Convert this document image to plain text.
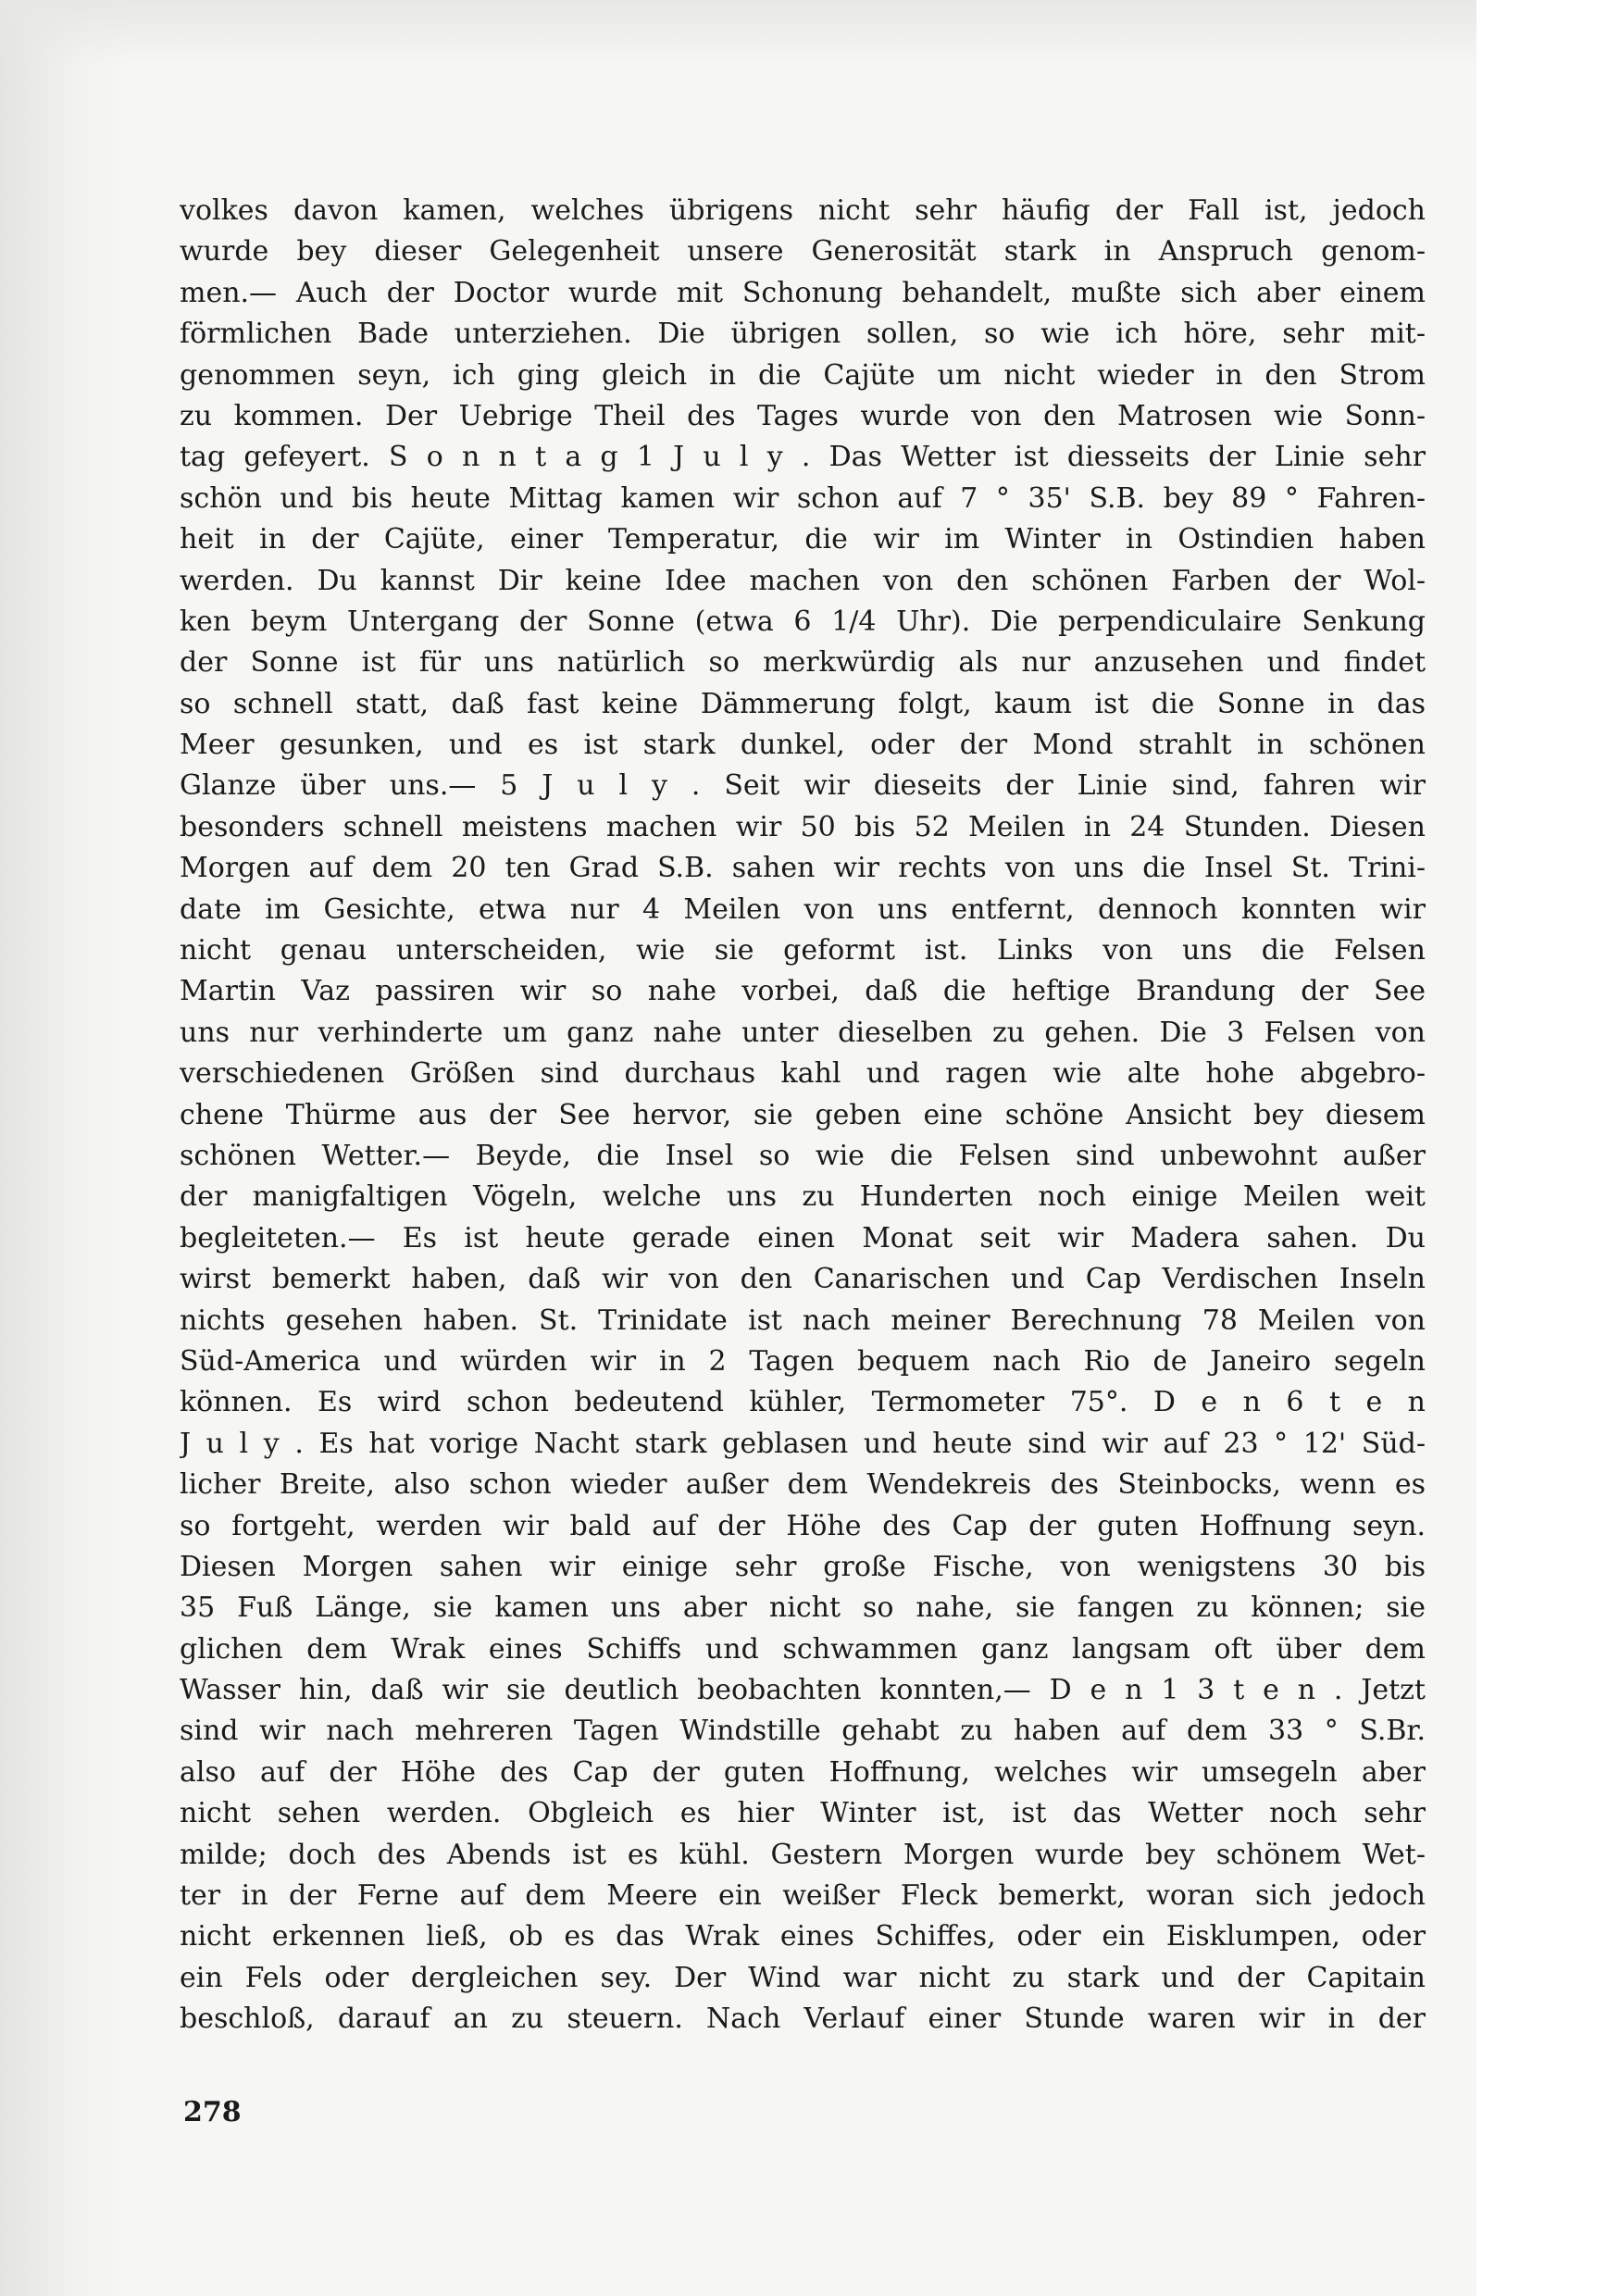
volkes davon kamen, welches übrigens nicht sehr häufig der Fall ist, jedoch
wurde bey dieser Gelegenheit unsere Generosität stark in Anspruch genom-
men.— Auch der Doctor wurde mit Schonung behandelt, mußte sich aber einem
förmlichen Bade unterziehen. Die übrigen sollen, so wie ich höre, sehr mit-
genommen seyn, ich ging gleich in die Cajüte um nicht wieder in den Strom
zu kommen. Der Uebrige Theil des Tages wurde von den Matrosen wie Sonn-
tag gefeyert. S o n n t a g 1 J u l y . Das Wetter ist diesseits der Linie sehr
schön und bis heute Mittag kamen wir schon auf 7 ° 35' S.B. bey 89 ° Fahren-
heit in der Cajüte, einer Temperatur, die wir im Winter in Ostindien haben
werden. Du kannst Dir keine Idee machen von den schönen Farben der Wol-
ken beym Untergang der Sonne (etwa 6 1/4 Uhr). Die perpendiculaire Senkung
der Sonne ist für uns natürlich so merkwürdig als nur anzusehen und findet
so schnell statt, daß fast keine Dämmerung folgt, kaum ist die Sonne in das
Meer gesunken, und es ist stark dunkel, oder der Mond strahlt in schönen
Glanze über uns.— 5 J u l y . Seit wir dieseits der Linie sind, fahren wir
besonders schnell meistens machen wir 50 bis 52 Meilen in 24 Stunden. Diesen
Morgen auf dem 20 ten Grad S.B. sahen wir rechts von uns die Insel St. Trini-
date im Gesichte, etwa nur 4 Meilen von uns entfernt, dennoch konnten wir
nicht genau unterscheiden, wie sie geformt ist. Links von uns die Felsen
Martin Vaz passiren wir so nahe vorbei, daß die heftige Brandung der See
uns nur verhinderte um ganz nahe unter dieselben zu gehen. Die 3 Felsen von
verschiedenen Größen sind durchaus kahl und ragen wie alte hohe abgebro-
chene Thürme aus der See hervor, sie geben eine schöne Ansicht bey diesem
schönen Wetter.— Beyde, die Insel so wie die Felsen sind unbewohnt außer
der manigfaltigen Vögeln, welche uns zu Hunderten noch einige Meilen weit
begleiteten.— Es ist heute gerade einen Monat seit wir Madera sahen. Du
wirst bemerkt haben, daß wir von den Canarischen und Cap Verdischen Inseln
nichts gesehen haben. St. Trinidate ist nach meiner Berechnung 78 Meilen von
Süd-America und würden wir in 2 Tagen bequem nach Rio de Janeiro segeln
können. Es wird schon bedeutend kühler, Termometer 75°. D e n 6 t e n
J u l y . Es hat vorige Nacht stark geblasen und heute sind wir auf 23 ° 12' Süd-
licher Breite, also schon wieder außer dem Wendekreis des Steinbocks, wenn es
so fortgeht, werden wir bald auf der Höhe des Cap der guten Hoffnung seyn.
Diesen Morgen sahen wir einige sehr große Fische, von wenigstens 30 bis
35 Fuß Länge, sie kamen uns aber nicht so nahe, sie fangen zu können; sie
glichen dem Wrak eines Schiffs und schwammen ganz langsam oft über dem
Wasser hin, daß wir sie deutlich beobachten konnten,— D e n 1 3 t e n . Jetzt
sind wir nach mehreren Tagen Windstille gehabt zu haben auf dem 33 ° S.Br.
also auf der Höhe des Cap der guten Hoffnung, welches wir umsegeln aber
nicht sehen werden. Obgleich es hier Winter ist, ist das Wetter noch sehr
milde; doch des Abends ist es kühl. Gestern Morgen wurde bey schönem Wet-
ter in der Ferne auf dem Meere ein weißer Fleck bemerkt, woran sich jedoch
nicht erkennen ließ, ob es das Wrak eines Schiffes, oder ein Eisklumpen, oder
ein Fels oder dergleichen sey. Der Wind war nicht zu stark und der Capitain
beschloß, darauf an zu steuern. Nach Verlauf einer Stunde waren wir in der
278
